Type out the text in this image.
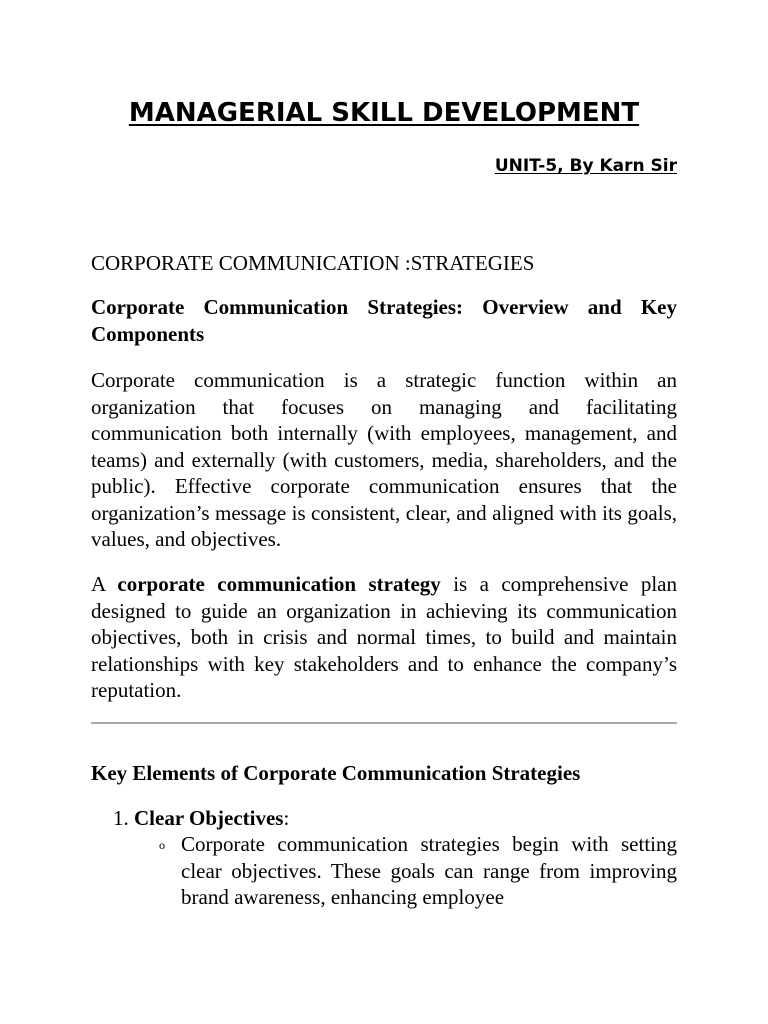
MANAGERIAL SKILL DEVELOPMENT

UNIT-5, By Karn Sir

CORPORATE COMMUNICATION :STRATEGIES

Corporate Communication Strategies: Overview and Key Components

Corporate communication is a strategic function within an organization that focuses on managing and facilitating communication both internally (with employees, management, and teams) and externally (with customers, media, shareholders, and the public). Effective corporate communication ensures that the organization’s message is consistent, clear, and aligned with its goals, values, and objectives.

A corporate communication strategy is a comprehensive plan designed to guide an organization in achieving its communication objectives, both in crisis and normal times, to build and maintain relationships with key stakeholders and to enhance the company’s reputation.

Key Elements of Corporate Communication Strategies

1. Clear Objectives:

o Corporate communication strategies begin with setting clear objectives. These goals can range from improving brand awareness, enhancing employee
